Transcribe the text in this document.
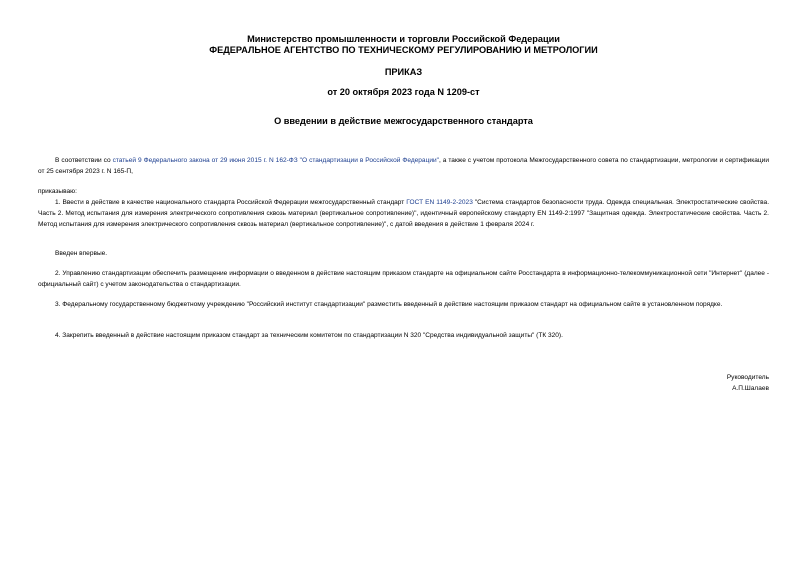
Министерство промышленности и торговли Российской Федерации
ФЕДЕРАЛЬНОЕ АГЕНТСТВО ПО ТЕХНИЧЕСКОМУ РЕГУЛИРОВАНИЮ И МЕТРОЛОГИИ
ПРИКАЗ
от 20 октября 2023 года N 1209-ст
О введении в действие межгосударственного стандарта
В соответствии со статьей 9 Федерального закона от 29 июня 2015 г. N 162-ФЗ "О стандартизации в Российской Федерации", а также с учетом протокола Межгосударственного совета по стандартизации, метрологии и сертификации от 25 сентября 2023 г. N 165-П,
приказываю:
1. Ввести в действие в качестве национального стандарта Российской Федерации межгосударственный стандарт ГОСТ EN 1149-2-2023 "Система стандартов безопасности труда. Одежда специальная. Электростатические свойства. Часть 2. Метод испытания для измерения электрического сопротивления сквозь материал (вертикальное сопротивление)", идентичный европейскому стандарту EN 1149-2:1997 "Защитная одежда. Электростатические свойства. Часть 2. Метод испытания для измерения электрического сопротивления сквозь материал (вертикальное сопротивление)", с датой введения в действие 1 февраля 2024 г.
Введен впервые.
2. Управлению стандартизации обеспечить размещение информации о введенном в действие настоящим приказом стандарте на официальном сайте Росстандарта в информационно-телекоммуникационной сети "Интернет" (далее - официальный сайт) с учетом законодательства о стандартизации.
3. Федеральному государственному бюджетному учреждению "Российский институт стандартизации" разместить введенный в действие настоящим приказом стандарт на официальном сайте в установленном порядке.
4. Закрепить введенный в действие настоящим приказом стандарт за техническим комитетом по стандартизации N 320 "Средства индивидуальной защиты" (ТК 320).
Руководитель
А.П.Шалаев
